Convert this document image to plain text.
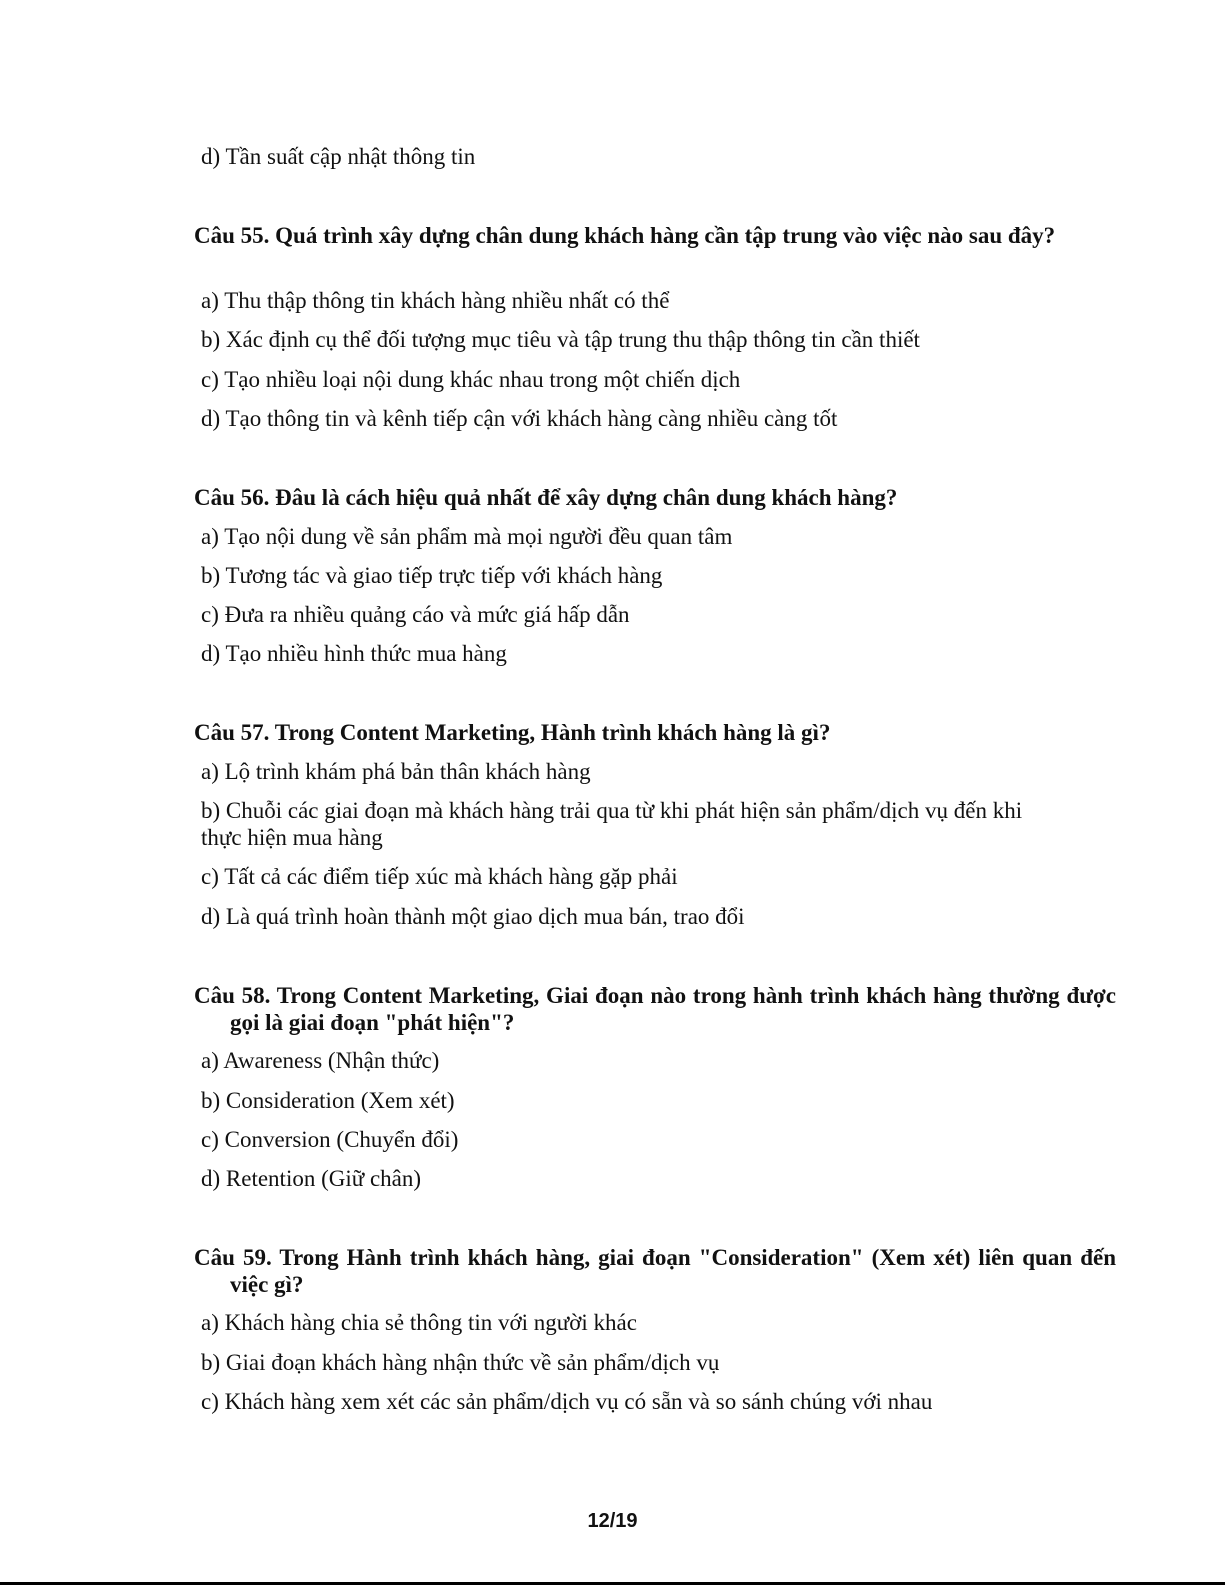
d) Tần suất cập nhật thông tin
Câu 55. Quá trình xây dựng chân dung khách hàng cần tập trung vào việc nào sau đây?
a) Thu thập thông tin khách hàng nhiều nhất có thể
b) Xác định cụ thể đối tượng mục tiêu và tập trung thu thập thông tin cần thiết
c) Tạo nhiều loại nội dung khác nhau trong một chiến dịch
d) Tạo thông tin và kênh tiếp cận với khách hàng càng nhiều càng tốt
Câu 56. Đâu là cách hiệu quả nhất để xây dựng chân dung khách hàng?
a) Tạo nội dung về sản phẩm mà mọi người đều quan tâm
b) Tương tác và giao tiếp trực tiếp với khách hàng
c) Đưa ra nhiều quảng cáo và mức giá hấp dẫn
d) Tạo nhiều hình thức mua hàng
Câu 57. Trong Content Marketing, Hành trình khách hàng là gì?
a) Lộ trình khám phá bản thân khách hàng
b) Chuỗi các giai đoạn mà khách hàng trải qua từ khi phát hiện sản phẩm/dịch vụ đến khi thực hiện mua hàng
c) Tất cả các điểm tiếp xúc mà khách hàng gặp phải
d) Là quá trình hoàn thành một giao dịch mua bán, trao đổi
Câu 58. Trong Content Marketing, Giai đoạn nào trong hành trình khách hàng thường được gọi là giai đoạn "phát hiện"?
a) Awareness (Nhận thức)
b) Consideration (Xem xét)
c) Conversion (Chuyển đổi)
d) Retention (Giữ chân)
Câu 59. Trong Hành trình khách hàng, giai đoạn "Consideration" (Xem xét) liên quan đến việc gì?
a) Khách hàng chia sẻ thông tin với người khác
b) Giai đoạn khách hàng nhận thức về sản phẩm/dịch vụ
c) Khách hàng xem xét các sản phẩm/dịch vụ có sẵn và so sánh chúng với nhau
12/19
